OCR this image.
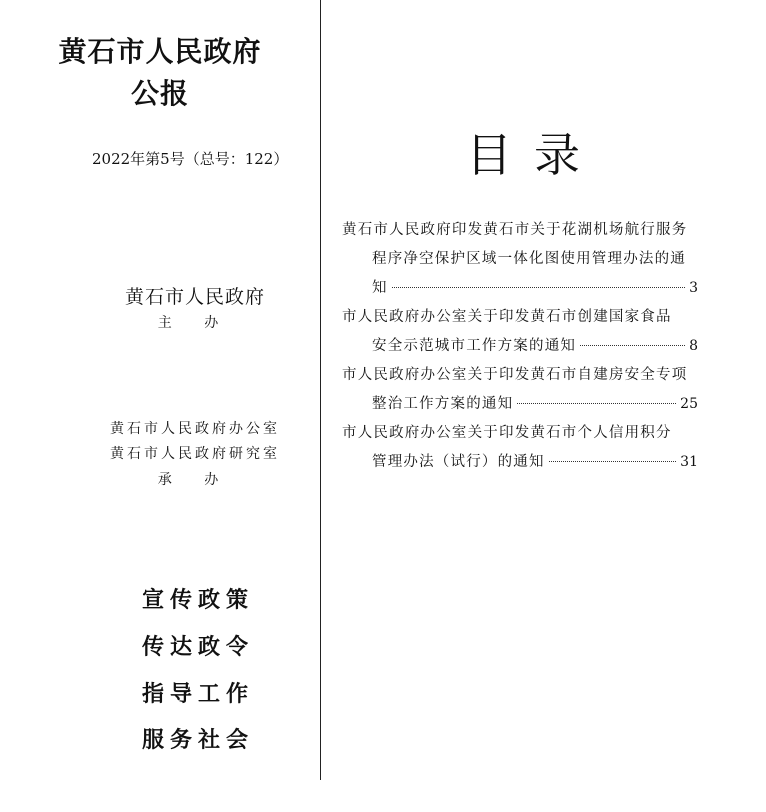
黄石市人民政府
公报
2022年第5号（总号：122）
黄石市人民政府
主 办
黄石市人民政府办公室
黄石市人民政府研究室
承 办
宣传政策
传达政令
指导工作
服务社会
目录
黄石市人民政府印发黄石市关于花湖机场航行服务
程序净空保护区域一体化图使用管理办法的通
知	3
市人民政府办公室关于印发黄石市创建国家食品
安全示范城市工作方案的通知	8
市人民政府办公室关于印发黄石市自建房安全专项
整治工作方案的通知	25
市人民政府办公室关于印发黄石市个人信用积分
管理办法（试行）的通知	31
